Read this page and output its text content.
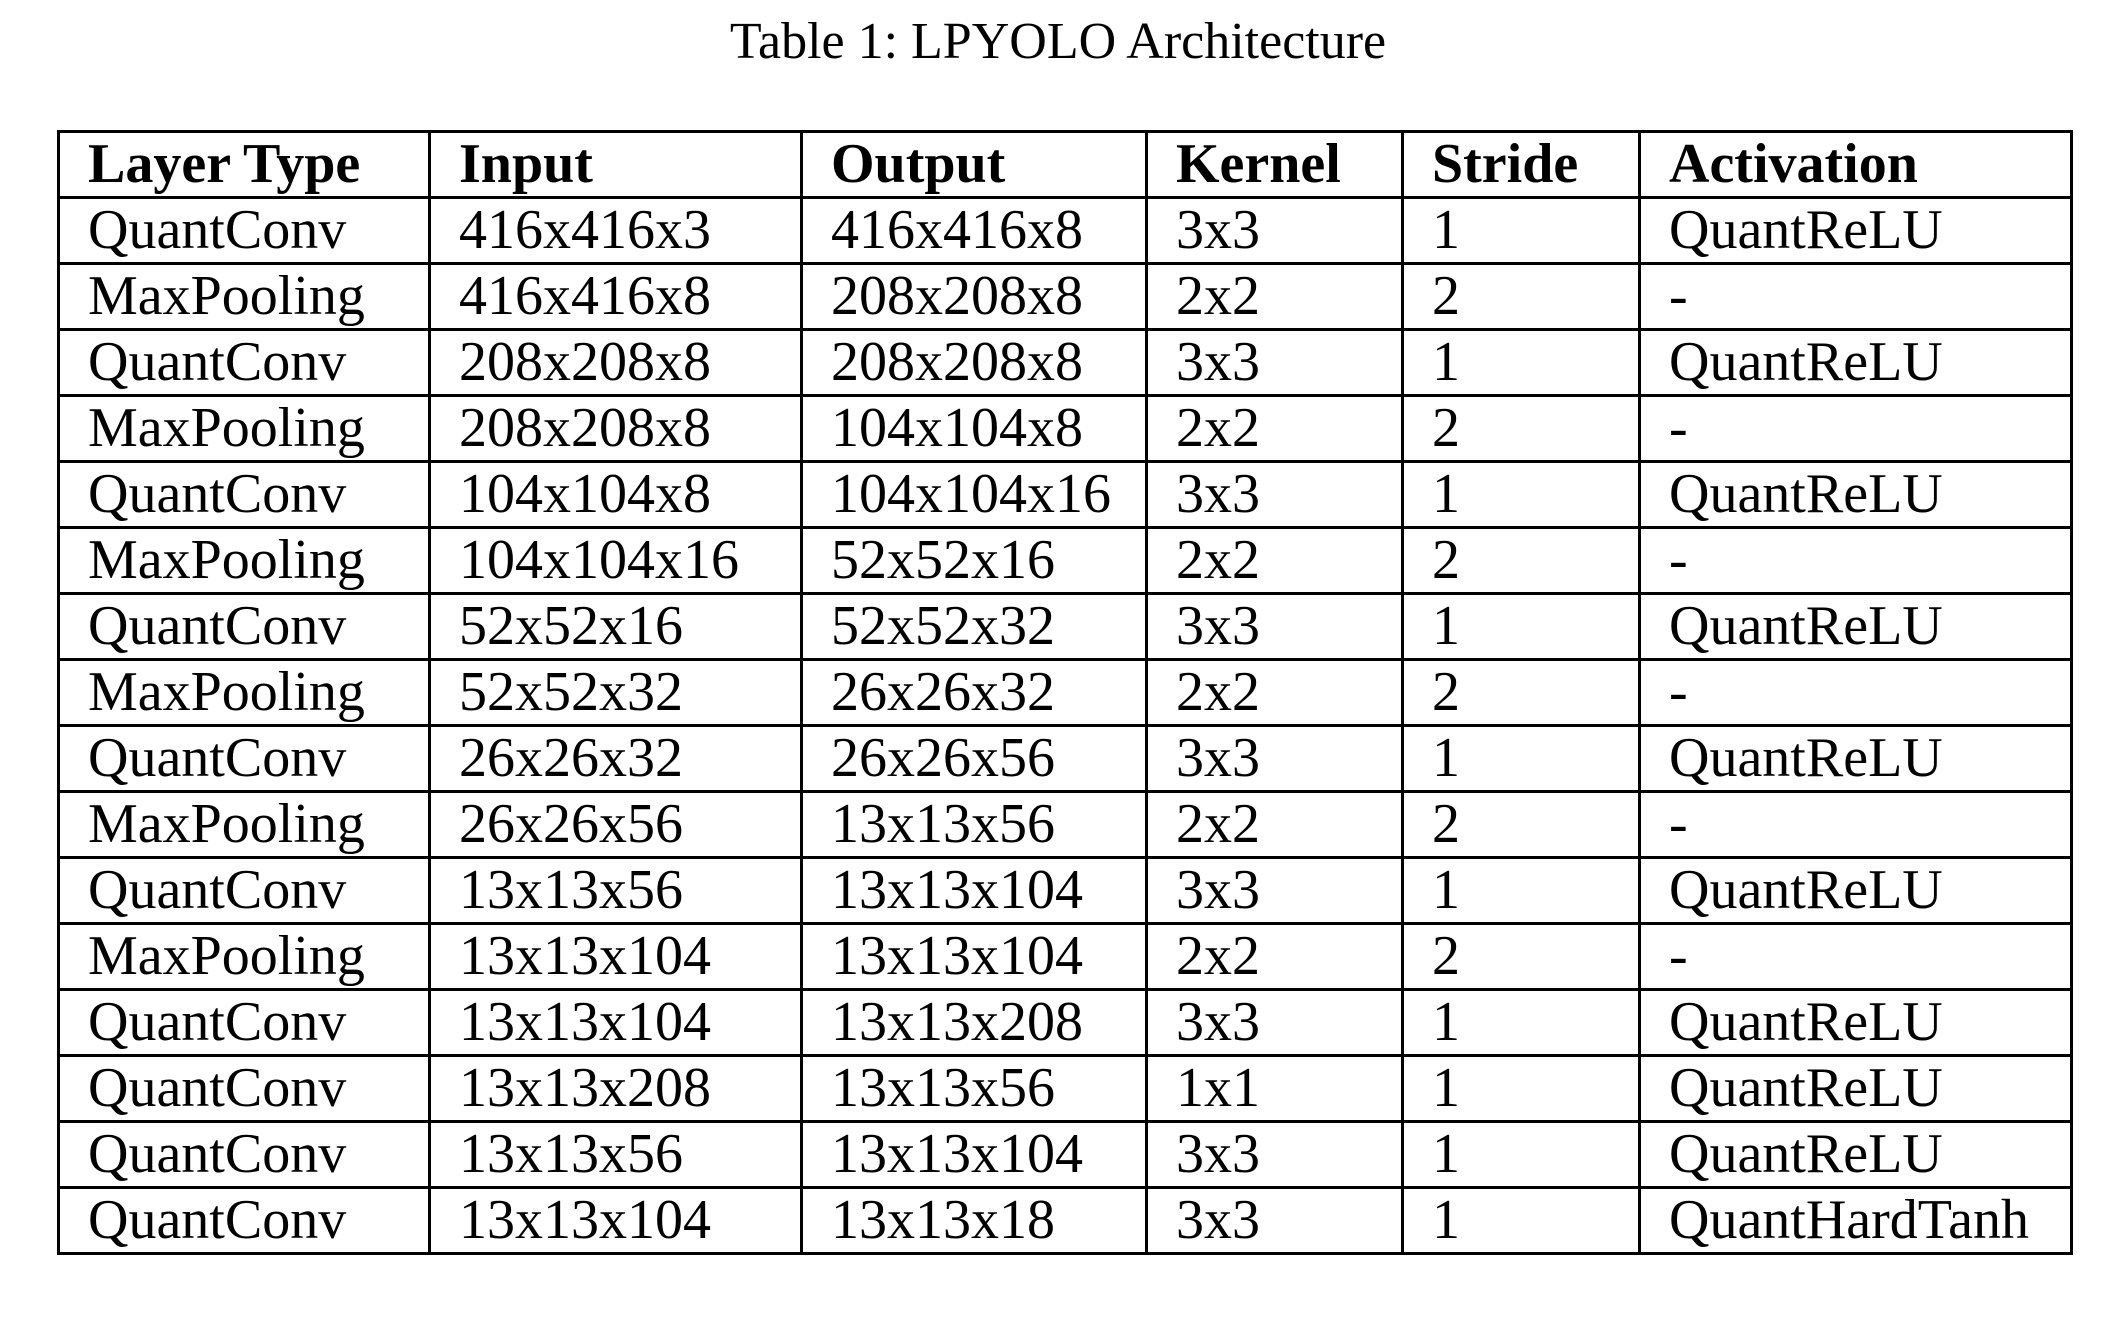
Table 1: LPYOLO Architecture
Layer Type	Input	Output	Kernel	Stride	Activation
QuantConv	416x416x3	416x416x8	3x3	1	QuantReLU
MaxPooling	416x416x8	208x208x8	2x2	2	-
QuantConv	208x208x8	208x208x8	3x3	1	QuantReLU
MaxPooling	208x208x8	104x104x8	2x2	2	-
QuantConv	104x104x8	104x104x16	3x3	1	QuantReLU
MaxPooling	104x104x16	52x52x16	2x2	2	-
QuantConv	52x52x16	52x52x32	3x3	1	QuantReLU
MaxPooling	52x52x32	26x26x32	2x2	2	-
QuantConv	26x26x32	26x26x56	3x3	1	QuantReLU
MaxPooling	26x26x56	13x13x56	2x2	2	-
QuantConv	13x13x56	13x13x104	3x3	1	QuantReLU
MaxPooling	13x13x104	13x13x104	2x2	2	-
QuantConv	13x13x104	13x13x208	3x3	1	QuantReLU
QuantConv	13x13x208	13x13x56	1x1	1	QuantReLU
QuantConv	13x13x56	13x13x104	3x3	1	QuantReLU
QuantConv	13x13x104	13x13x18	3x3	1	QuantHardTanh
